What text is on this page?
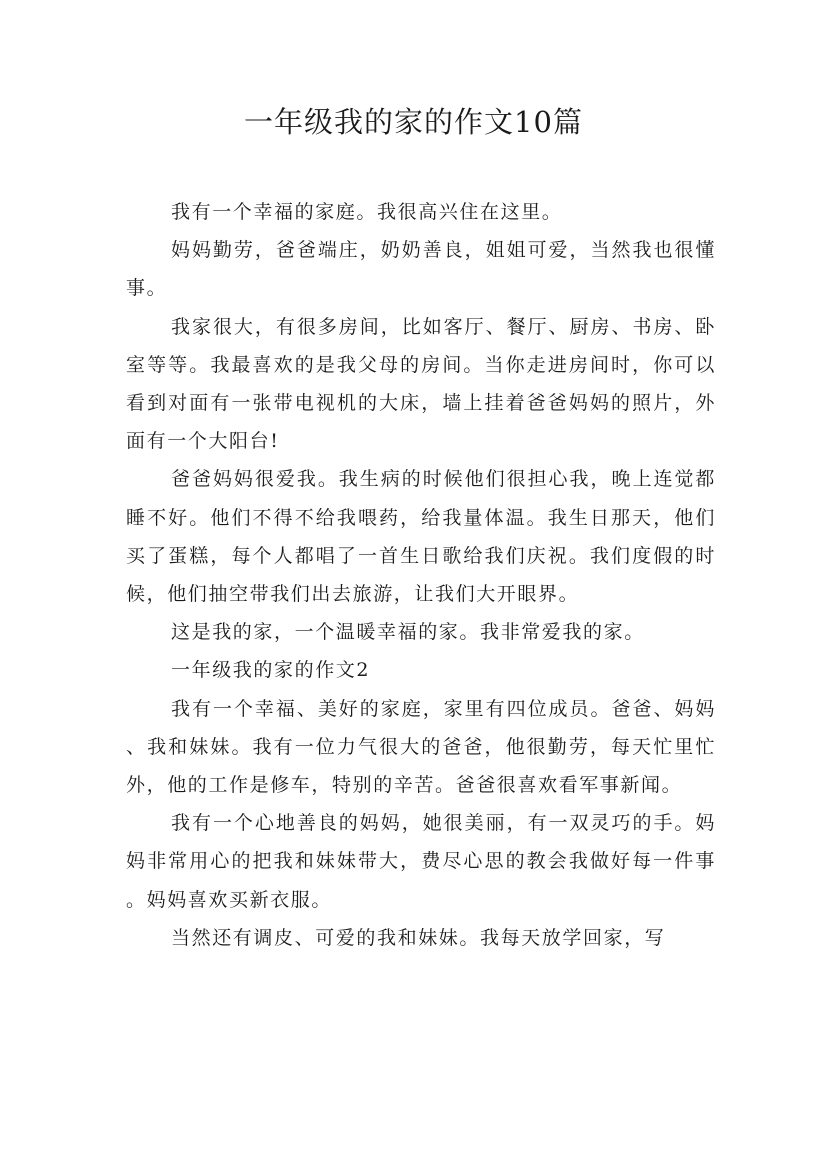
一年级我的家的作文10篇

我有一个幸福的家庭。我很高兴住在这里。

妈妈勤劳，爸爸端庄，奶奶善良，姐姐可爱，当然我也很懂事。

我家很大，有很多房间，比如客厅、餐厅、厨房、书房、卧室等等。我最喜欢的是我父母的房间。当你走进房间时，你可以看到对面有一张带电视机的大床，墙上挂着爸爸妈妈的照片，外面有一个大阳台!

爸爸妈妈很爱我。我生病的时候他们很担心我，晚上连觉都睡不好。他们不得不给我喂药，给我量体温。我生日那天，他们买了蛋糕，每个人都唱了一首生日歌给我们庆祝。我们度假的时候，他们抽空带我们出去旅游，让我们大开眼界。

这是我的家，一个温暖幸福的家。我非常爱我的家。

一年级我的家的作文2

我有一个幸福、美好的家庭，家里有四位成员。爸爸、妈妈、我和妹妹。我有一位力气很大的爸爸，他很勤劳，每天忙里忙外，他的工作是修车，特别的辛苦。爸爸很喜欢看军事新闻。

我有一个心地善良的妈妈，她很美丽，有一双灵巧的手。妈妈非常用心的把我和妹妹带大，费尽心思的教会我做好每一件事。妈妈喜欢买新衣服。

当然还有调皮、可爱的我和妹妹。我每天放学回家，写
